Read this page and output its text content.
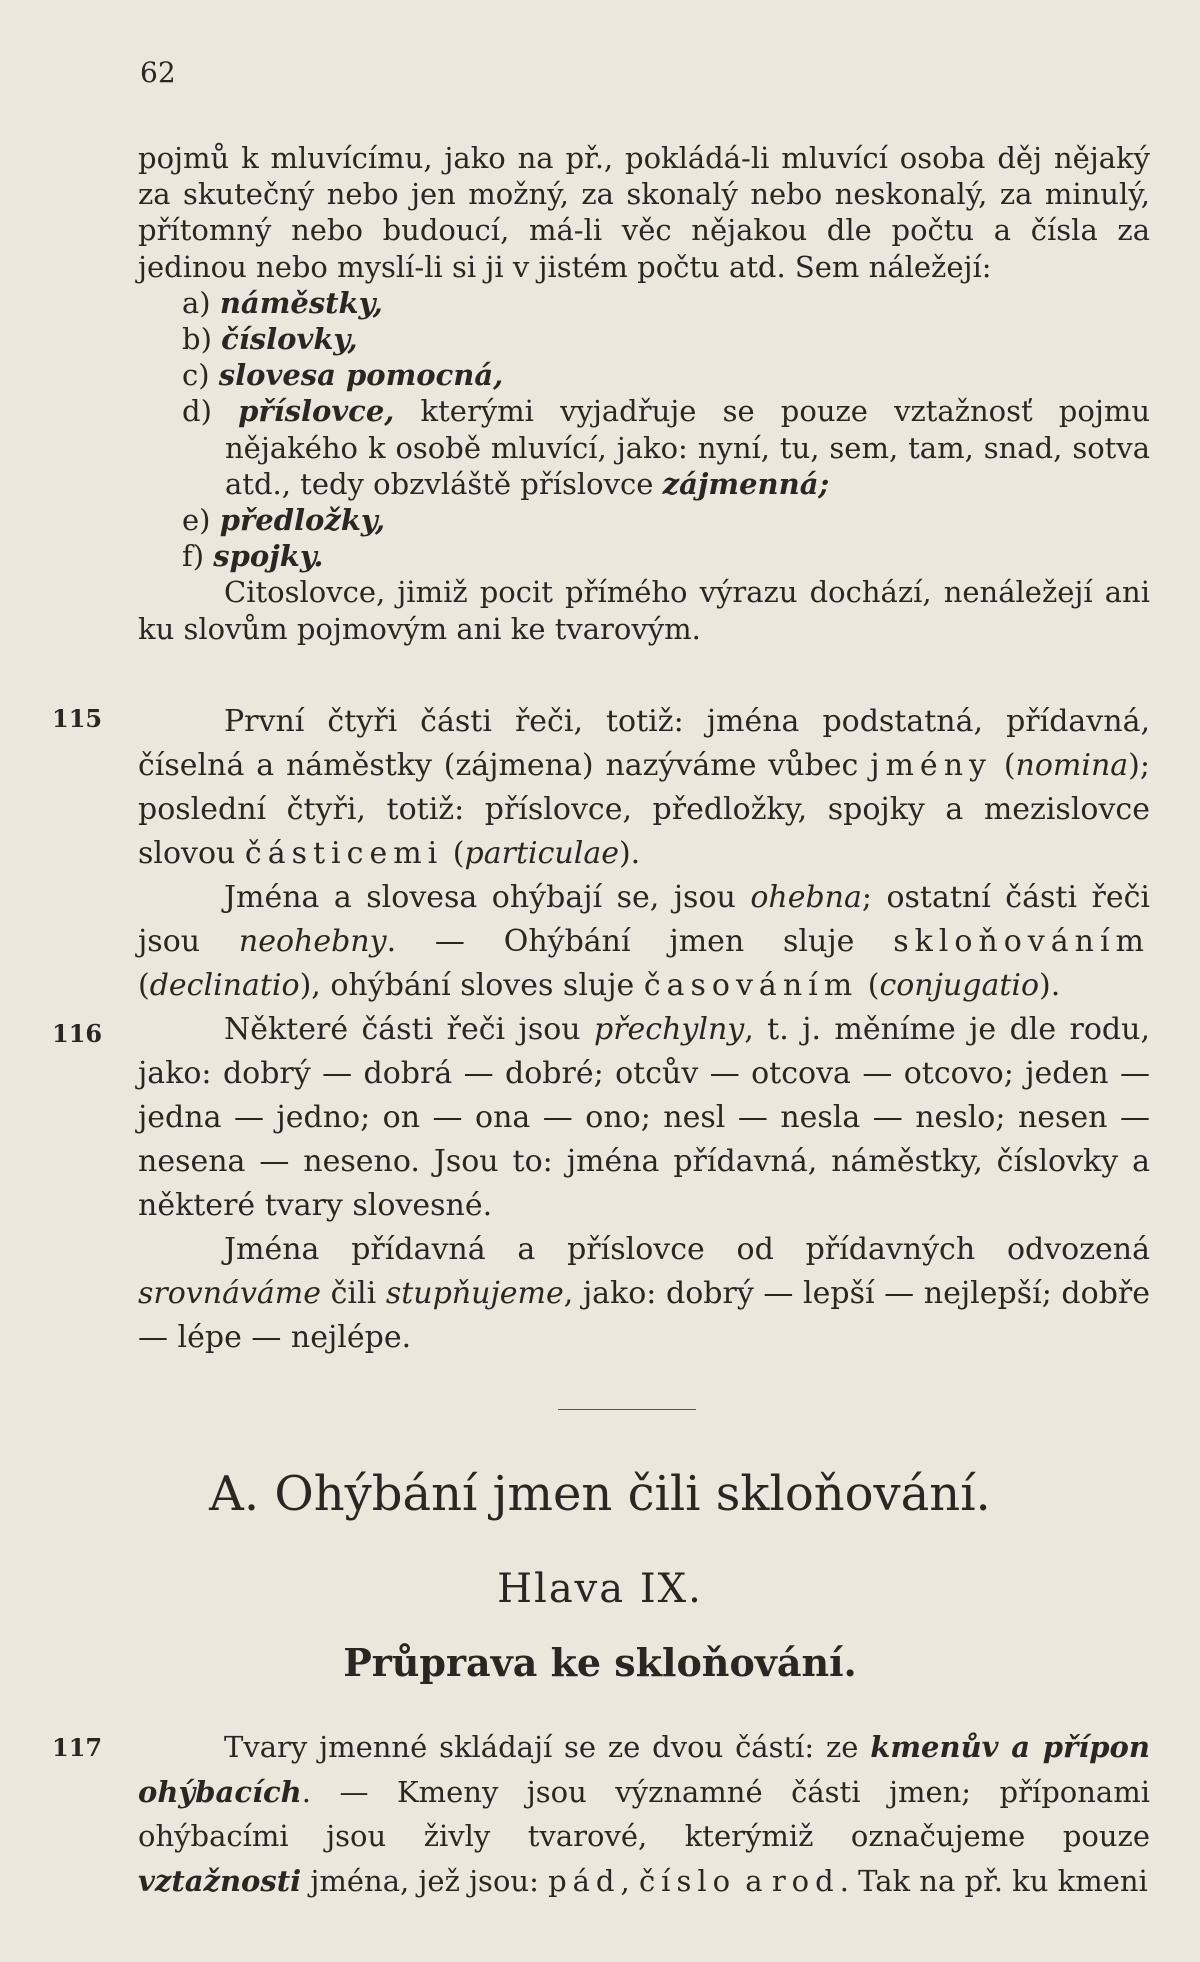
62

pojmů k mluvícímu, jako na př., pokládá-li mluvící osoba děj nějaký za skutečný nebo jen možný, za skonalý nebo neskonalý, za minulý, přítomný nebo budoucí, má-li věc nějakou dle počtu a čísla za jedinou nebo myslí-li si ji v jistém počtu atd. Sem náležejí:

a) náměstky,
b) číslovky,
c) slovesa pomocná,
d) příslovce, kterými vyjadřuje se pouze vztažnosť pojmu nějakého k osobě mluvící, jako: nyní, tu, sem, tam, snad, sotva atd., tedy obzvláště příslovce zájmenná;
e) předložky,
f) spojky.

Citoslovce, jimiž pocit přímého výrazu dochází, nenáležejí ani ku slovům pojmovým ani ke tvarovým.

115
116
117

První čtyři části řeči, totiž: jména podstatná, přídavná, číselná a náměstky (zájmena) nazýváme vůbec jmény (nomina); poslední čtyři, totiž: příslovce, předložky, spojky a mezislovce slovou částicemi (particulae).

Jména a slovesa ohýbají se, jsou ohebna; ostatní části řeči jsou neohebny. — Ohýbání jmen sluje skloňováním (declinatio), ohýbání sloves sluje časováním (conjugatio).

Některé části řeči jsou přechylny, t. j. měníme je dle rodu, jako: dobrý — dobrá — dobré; otcův — otcova — otcovo; jeden — jedna — jedno; on — ona — ono; nesl — nesla — neslo; nesen — nesena — neseno. Jsou to: jména přídavná, náměstky, číslovky a některé tvary slovesné.

Jména přídavná a příslovce od přídavných odvozená srovnáváme čili stupňujeme, jako: dobrý — lepší — nejlepší; dobře — lépe — nejlépe.

A. Ohýbání jmen čili skloňování.
Hlava IX.
Průprava ke skloňování.

Tvary jmenné skládají se ze dvou částí: ze kmenův a přípon ohýbacích. — Kmeny jsou významné části jmen; příponami ohýbacími jsou živly tvarové, kterýmiž označujeme pouze vztažnosti jména, jež jsou: pád, číslo a rod. Tak na př. ku kmeni
